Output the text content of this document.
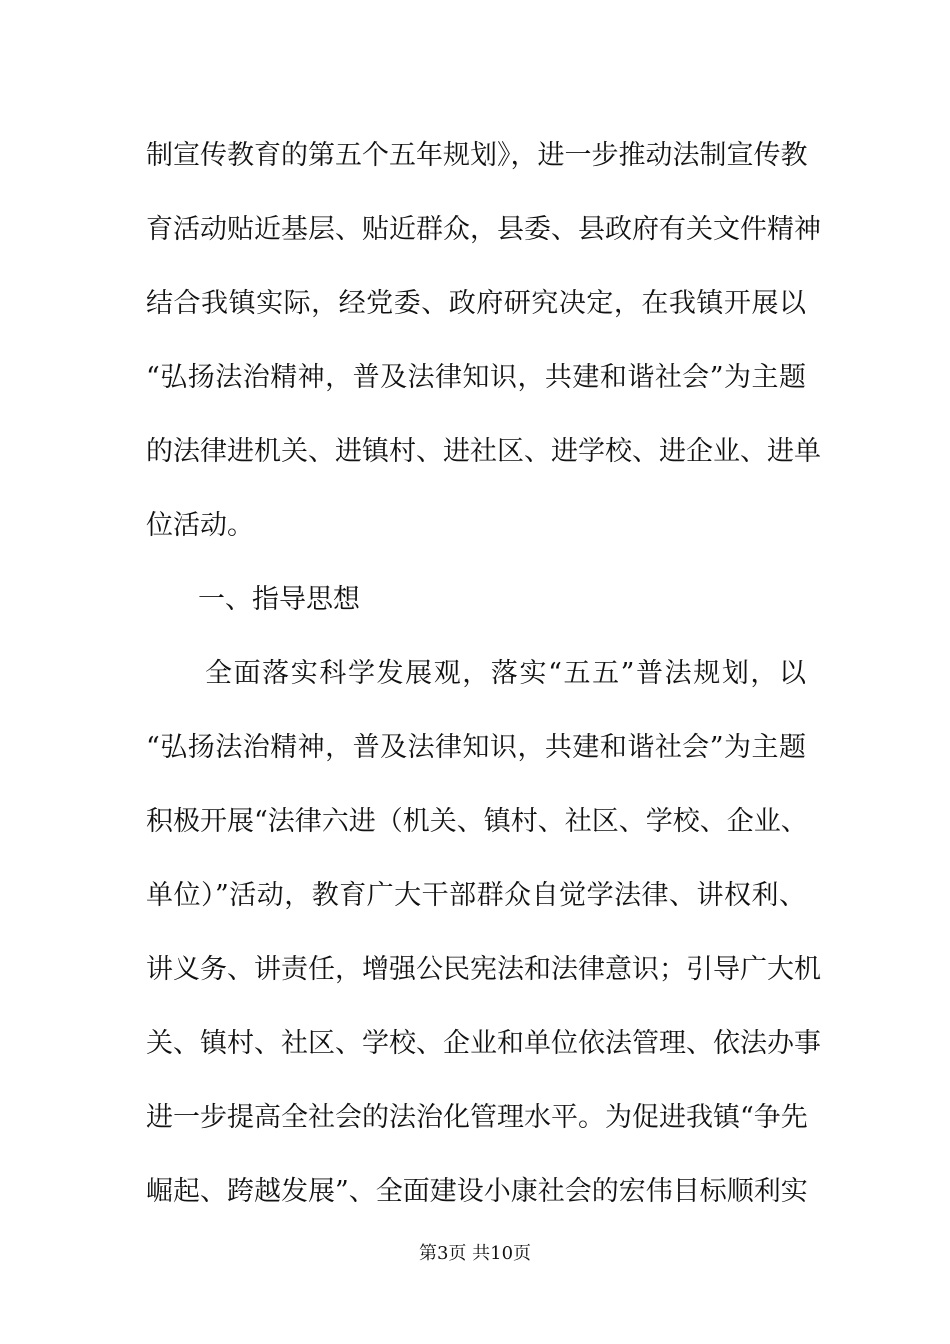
制宣传教育的第五个五年规划》，进一步推动法制宣传教
育活动贴近基层、贴近群众，县委、县政府有关文件精神
结合我镇实际，经党委、政府研究决定，在我镇开展以
“弘扬法治精神，普及法律知识，共建和谐社会”为主题
的法律进机关、进镇村、进社区、进学校、进企业、进单
位活动。
一、指导思想
全面落实科学发展观，落实“五五”普法规划，以
“弘扬法治精神，普及法律知识，共建和谐社会”为主题
积极开展“法律六进（机关、镇村、社区、学校、企业、
单位）”活动，教育广大干部群众自觉学法律、讲权利、
讲义务、讲责任，增强公民宪法和法律意识；引导广大机
关、镇村、社区、学校、企业和单位依法管理、依法办事
进一步提高全社会的法治化管理水平。为促进我镇“争先
崛起、跨越发展”、全面建设小康社会的宏伟目标顺利实
第3页 共10页
